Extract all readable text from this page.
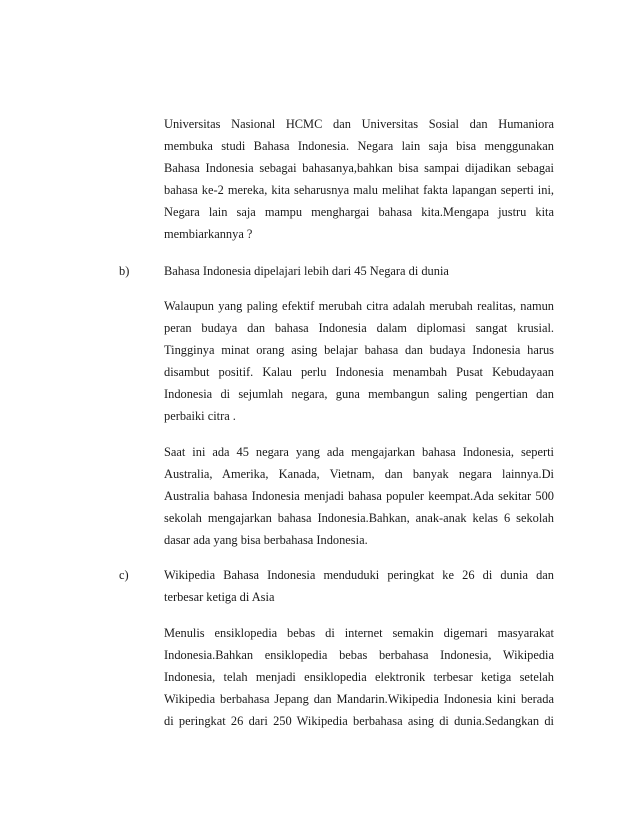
Universitas Nasional HCMC dan Universitas Sosial dan Humaniora
membuka studi Bahasa Indonesia. Negara lain saja bisa menggunakan
Bahasa Indonesia sebagai bahasanya,bahkan bisa sampai dijadikan sebagai
bahasa ke-2 mereka, kita seharusnya malu melihat fakta lapangan seperti ini,
Negara lain saja mampu menghargai bahasa kita.Mengapa justru kita
membiarkannya ?
b)	Bahasa Indonesia dipelajari lebih dari 45 Negara di dunia
Walaupun yang paling efektif merubah citra adalah merubah realitas, namun
peran budaya dan bahasa Indonesia dalam diplomasi sangat krusial.
Tingginya minat orang asing belajar bahasa dan budaya Indonesia harus
disambut positif. Kalau perlu Indonesia menambah Pusat Kebudayaan
Indonesia di sejumlah negara, guna membangun saling pengertian dan
perbaiki citra .
Saat ini ada 45 negara yang ada mengajarkan bahasa Indonesia, seperti
Australia, Amerika, Kanada, Vietnam, dan banyak negara lainnya.Di
Australia bahasa Indonesia menjadi bahasa populer keempat.Ada sekitar 500
sekolah mengajarkan bahasa Indonesia.Bahkan, anak-anak kelas 6 sekolah
dasar ada yang bisa berbahasa Indonesia.
c)	Wikipedia Bahasa Indonesia menduduki peringkat ke 26 di dunia dan
terbesar ketiga di Asia
Menulis ensiklopedia bebas di internet semakin digemari masyarakat
Indonesia.Bahkan ensiklopedia bebas berbahasa Indonesia, Wikipedia
Indonesia, telah menjadi ensiklopedia elektronik terbesar ketiga setelah
Wikipedia berbahasa Jepang dan Mandarin.Wikipedia Indonesia kini berada
di peringkat 26 dari 250 Wikipedia berbahasa asing di dunia.Sedangkan di
